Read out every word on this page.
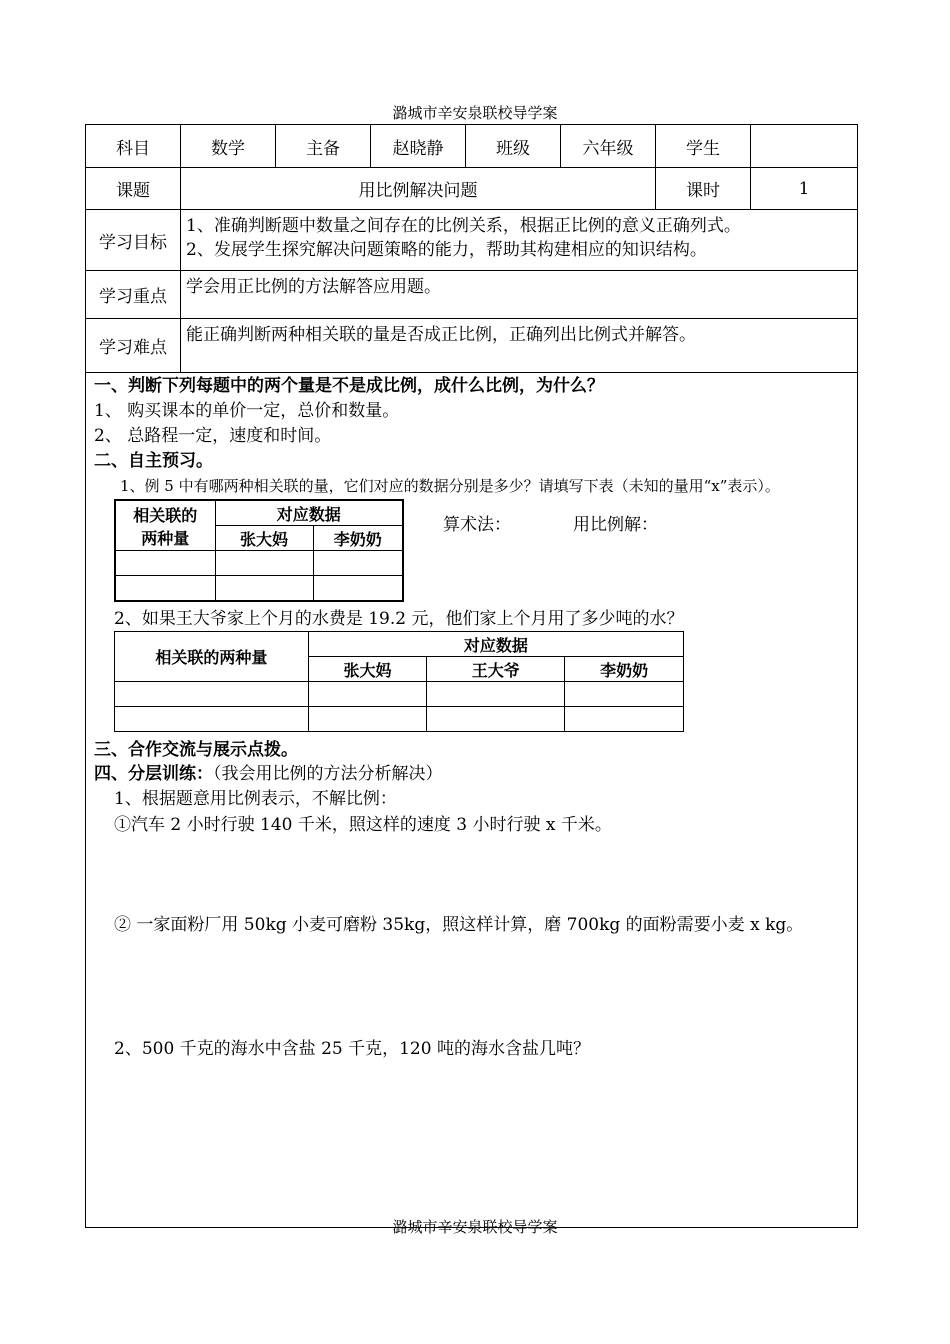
潞城市辛安泉联校导学案
科目	数学	主备	赵晓静	班级	六年级	学生	
课题	用比例解决问题	课时	1
学习目标	

1、准确判断题中数量之间存在的比例关系，根据正比例的意义正确列式。

2、发展学生探究解决问题策略的能力，帮助其构建相应的知识结构。

学习重点	学会用正比例的方法解答应用题。
学习难点	能正确判断两种相关联的量是否成正比例，正确列出比例式并解答。

一、判断下列每题中的两个量是不是成比例，成什么比例，为什么？
1、 购买课本的单价一定，总价和数量。
2、 总路程一定，速度和时间。
二、自主预习。
1、例 5 中有哪两种相关联的量，它们对应的数据分别是多少？请填写下表（未知的量用“x”表示）。
相关联的
两种量
	对应数据
张大妈	李奶奶

算术法：	用比例解：
2、如果王大爷家上个月的水费是 19.2 元，他们家上个月用了多少吨的水？
相关联的两种量	对应数据
张大妈	王大爷	李奶奶

三、合作交流与展示点拨。
四、分层训练：（我会用比例的方法分析解决）
1、根据题意用比例表示，不解比例：
①汽车 2 小时行驶 140 千米，照这样的速度 3 小时行驶 x 千米。
② 一家面粉厂用 50kg 小麦可磨粉 35kg，照这样计算，磨 700kg 的面粉需要小麦 x kg。
2、500 千克的海水中含盐 25 千克，120 吨的海水含盐几吨？
潞城市辛安泉联校导学案
